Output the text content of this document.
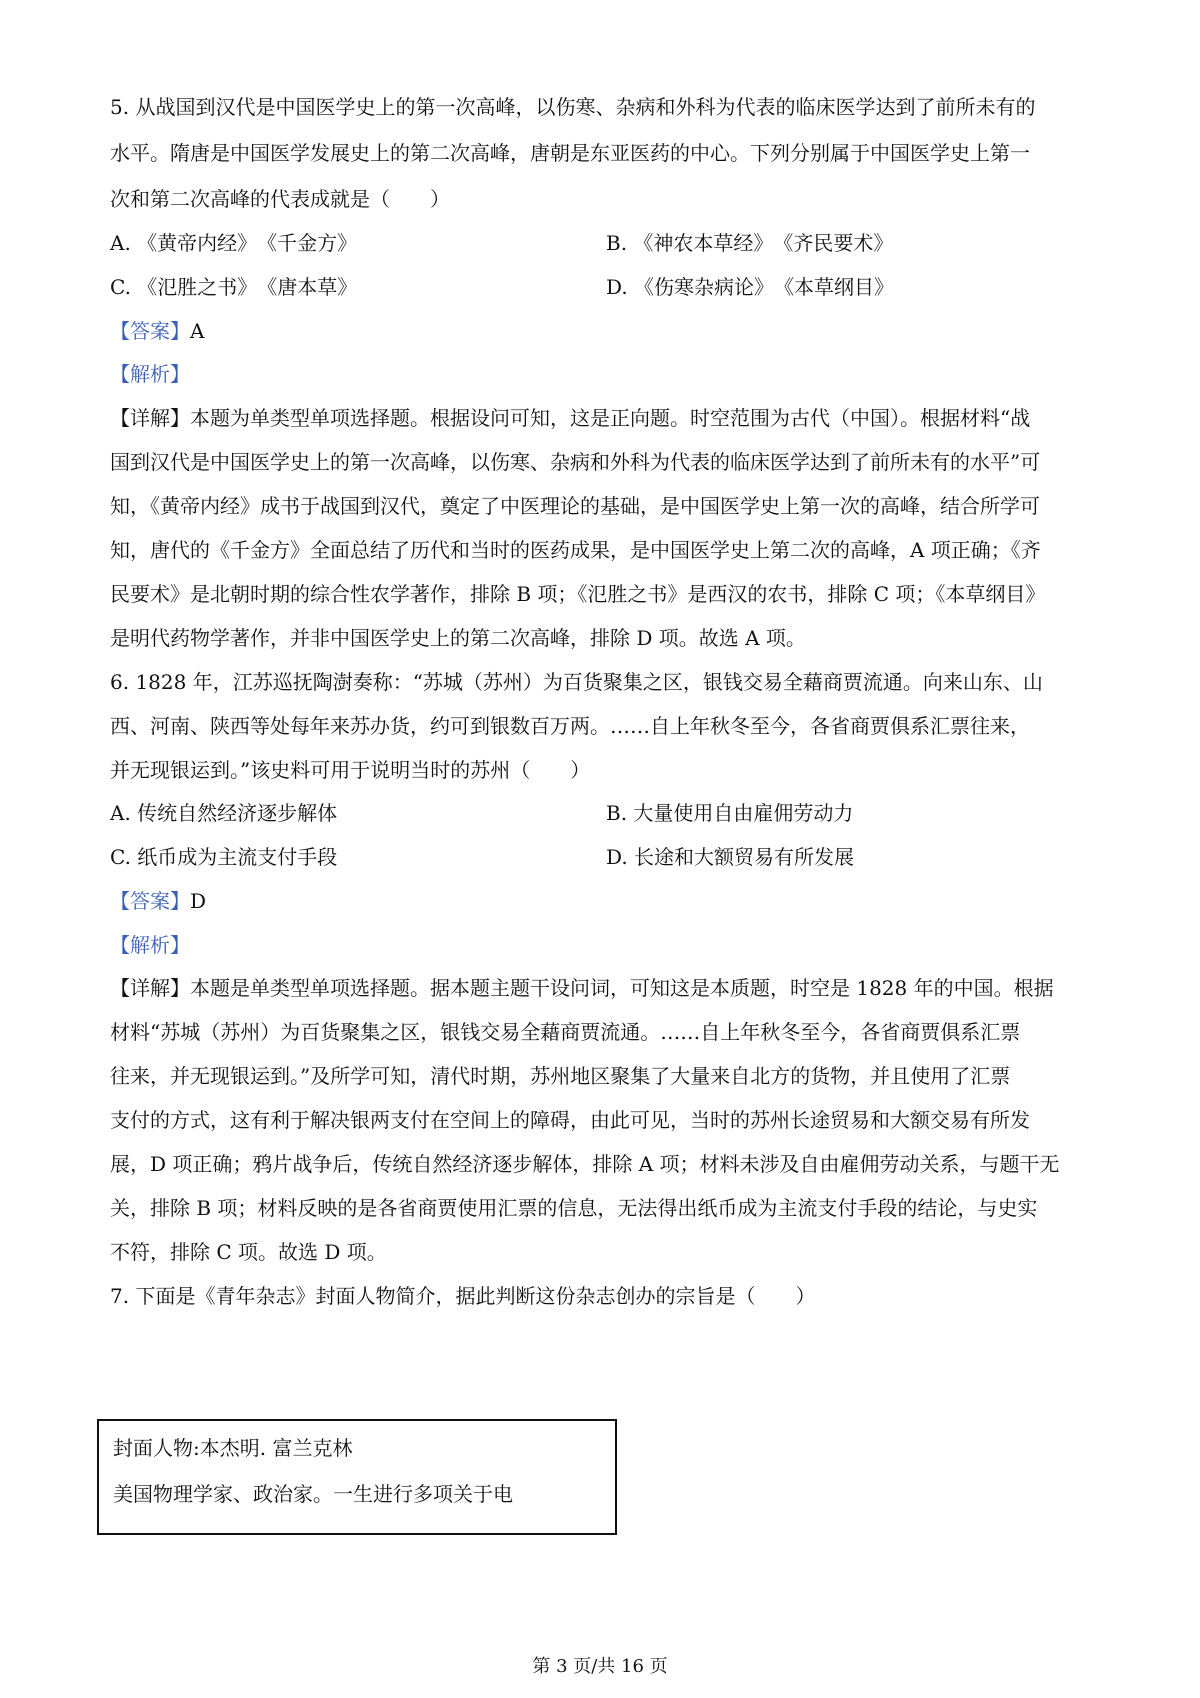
5. 从战国到汉代是中国医学史上的第一次高峰，以伤寒、杂病和外科为代表的临床医学达到了前所未有的
水平。隋唐是中国医学发展史上的第二次高峰，唐朝是东亚医药的中心。下列分别属于中国医学史上第一
次和第二次高峰的代表成就是（　　）
A. 《黄帝内经》　《千金方》	B. 《神农本草经》　《齐民要术》
C. 《氾胜之书》　《唐本草》	D. 《伤寒杂病论》　《本草纲目》
【答案】A
【解析】
【详解】本题为单类型单项选择题。根据设问可知，这是正向题。时空范围为古代（中国）。根据材料“战
国到汉代是中国医学史上的第一次高峰，以伤寒、杂病和外科为代表的临床医学达到了前所未有的水平”可
知，《黄帝内经》成书于战国到汉代，奠定了中医理论的基础，是中国医学史上第一次的高峰，结合所学可
知，唐代的《千金方》全面总结了历代和当时的医药成果，是中国医学史上第二次的高峰，A 项正确；《齐
民要术》是北朝时期的综合性农学著作，排除 B 项；《氾胜之书》是西汉的农书，排除 C 项；《本草纲目》
是明代药物学著作，并非中国医学史上的第二次高峰，排除 D 项。故选 A 项。
6. 1828 年，江苏巡抚陶澍奏称：“苏城（苏州）为百货聚集之区，银钱交易全藉商贾流通。向来山东、山
西、河南、陕西等处每年来苏办货，约可到银数百万两。……自上年秋冬至今，各省商贾俱系汇票往来，
并无现银运到。”该史料可用于说明当时的苏州（　　）
A. 传统自然经济逐步解体	B. 大量使用自由雇佣劳动力
C. 纸币成为主流支付手段	D. 长途和大额贸易有所发展
【答案】D
【解析】
【详解】本题是单类型单项选择题。据本题主题干设问词，可知这是本质题，时空是 1828 年的中国。根据
材料“苏城（苏州）为百货聚集之区，银钱交易全藉商贾流通。……自上年秋冬至今，各省商贾俱系汇票
往来，并无现银运到。”及所学可知，清代时期，苏州地区聚集了大量来自北方的货物，并且使用了汇票
支付的方式，这有利于解决银两支付在空间上的障碍，由此可见，当时的苏州长途贸易和大额交易有所发
展，D 项正确；鸦片战争后，传统自然经济逐步解体，排除 A 项；材料未涉及自由雇佣劳动关系，与题干无
关，排除 B 项；材料反映的是各省商贾使用汇票的信息，无法得出纸币成为主流支付手段的结论，与史实
不符，排除 C 项。故选 D 项。
7. 下面是《青年杂志》封面人物简介，据此判断这份杂志创办的宗旨是（　　）
封面人物:本杰明. 富兰克林
美国物理学家、政治家。一生进行多项关于电
第 3 页/共 16 页
